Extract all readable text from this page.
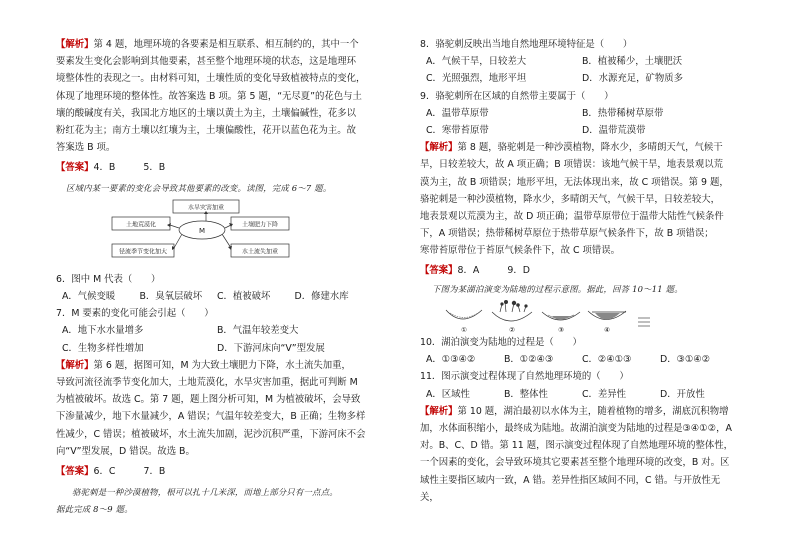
【解析】第 4 题，地理环境的各要素是相互联系、相互制约的，其中一个

要素发生变化会影响到其他要素，甚至整个地理环境的状态，这是地理环

境整体性的表现之一。由材料可知，土壤性质的变化导致植被特点的变化，

体现了地理环境的整体性。故答案选 B 项。第 5 题，“无尽夏”的花色与土

壤的酸碱度有关，我国北方地区的土壤以黄土为主，土壤偏碱性，花多以

粉红花为主；南方土壤以红壤为主，土壤偏酸性，花开以蓝色花为主。故

答案选 B 项。

【答案】4．B　　　5．B

区域内某一要素的变化会导致其他要素的改变。读图，完成 6～7 题。

水旱灾害加重
土地荒漠化
径流季节变化加大
土壤肥力下降
水土流失加重
M

6．图中 M 代表（　　）

A．气候变暖	B．臭氧层破坏	C．植被破坏	D．修建水库

7．M 要素的变化可能会引起（　　）

A．地下水水量增多	B．气温年较差变大

C．生物多样性增加	D．下游河床向“V”型发展

【解析】第 6 题，据图可知，M 为大致土壤肥力下降，水土流失加重，

导致河流径流季节变化加大，土地荒漠化，水旱灾害加重，据此可判断 M

为植被破坏。故选 C。第 7 题，题上图分析可知，M 为植被破坏，会导致

下渗量减少，地下水量减少，A 错误；气温年较差变大，B 正确；生物多样

性减少，C 错误；植被破坏，水土流失加剧，泥沙沉积严重，下游河床不会

向“V”型发展，D 错误。故选 B。

【答案】6．C　　　7．B

骆驼刺是一种沙漠植物，根可以扎十几米深，而地上部分只有一点点。

据此完成 8～9 题。

8．骆驼刺反映出当地自然地理环境特征是（　　）

A．气候干旱，日较差大	B．植被稀少，土壤肥沃

C．光照强烈，地形平坦	D．水源充足，矿物质多

9．骆驼刺所在区域的自然带主要属于（　　）

A．温带草原带	B．热带稀树草原带

C．寒带苔原带	D．温带荒漠带

【解析】第 8 题，骆驼刺是一种沙漠植物，降水少，多晴朗天气，气候干

旱，日较差较大，故 A 项正确；B 项错误：该地气候干旱，地表景观以荒

漠为主，故 B 项错误；地形平坦，无法体现出来，故 C 项错误。第 9 题，

骆驼刺是一种沙漠植物，降水少，多晴朗天气，气候干旱，日较差较大，

地表景观以荒漠为主，故 D 项正确；温带草原带位于温带大陆性气候条件

下，A 项错误；热带稀树草原位于热带草原气候条件下，故 B 项错误；

寒带苔原带位于苔原气候条件下，故 C 项错误。

【答案】8．A　　　9．D

下图为某湖泊演变为陆地的过程示意图。据此，回答 10～11 题。

①	②	③	④

10．湖泊演变为陆地的过程是（　　）

A．①③④②	B．①②④③	C．②④①③	D．③①④②

11．图示演变过程体现了自然地理环境的（　　）

A．区域性	B．整体性	C．差异性	D．开放性

【解析】第 10 题，湖泊最初以水体为主，随着植物的增多，湖底沉积物增

加，水体面积缩小，最终成为陆地。故湖泊演变为陆地的过程是③④①②，A

对。B、C、D 错。第 11 题，图示演变过程体现了自然地理环境的整体性，

一个因素的变化，会导致环境其它要素甚至整个地理环境的改变，B 对。区

域性主要指区域内一致，A 错。差异性指区域间不同，C 错。与开放性无关，
